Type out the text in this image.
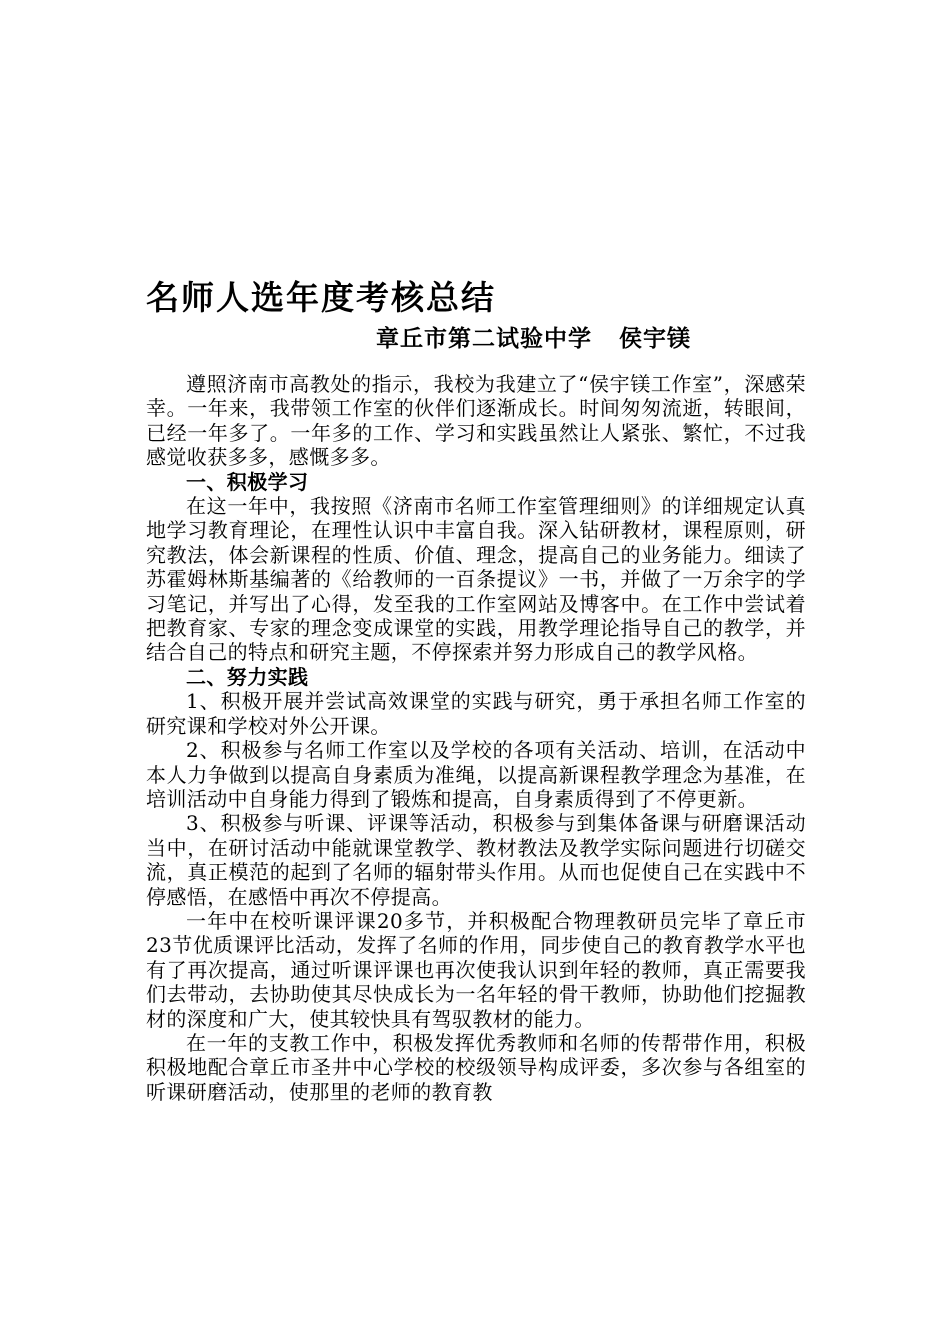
名师人选年度考核总结
章丘市第二试验中学   侯宇镁

遵照济南市高教处的指示，我校为我建立了“侯宇镁工作室”，深感荣幸。一年来，我带领工作室的伙伴们逐渐成长。时间匆匆流逝，转眼间，已经一年多了。一年多的工作、学习和实践虽然让人紧张、繁忙，不过我感觉收获多多，感慨多多。

一、积极学习

在这一年中，我按照《济南市名师工作室管理细则》的详细规定认真地学习教育理论，在理性认识中丰富自我。深入钻研教材，课程原则，研究教法，体会新课程的性质、价值、理念，提高自己的业务能力。细读了苏霍姆林斯基编著的《给教师的一百条提议》一书，并做了一万余字的学习笔记，并写出了心得，发至我的工作室网站及博客中。在工作中尝试着把教育家、专家的理念变成课堂的实践，用教学理论指导自己的教学，并结合自己的特点和研究主题，不停探索并努力形成自己的教学风格。

二、努力实践

1、积极开展并尝试高效课堂的实践与研究，勇于承担名师工作室的研究课和学校对外公开课。

2、积极参与名师工作室以及学校的各项有关活动、培训，在活动中本人力争做到以提高自身素质为准绳，以提高新课程教学理念为基准，在培训活动中自身能力得到了锻炼和提高，自身素质得到了不停更新。

3、积极参与听课、评课等活动，积极参与到集体备课与研磨课活动当中，在研讨活动中能就课堂教学、教材教法及教学实际问题进行切磋交流，真正模范的起到了名师的辐射带头作用。从而也促使自己在实践中不停感悟，在感悟中再次不停提高。

一年中在校听课评课20多节，并积极配合物理教研员完毕了章丘市23节优质课评比活动，发挥了名师的作用，同步使自己的教育教学水平也有了再次提高，通过听课评课也再次使我认识到年轻的教师，真正需要我们去带动，去协助使其尽快成长为一名年轻的骨干教师，协助他们挖掘教材的深度和广大，使其较快具有驾驭教材的能力。

在一年的支教工作中，积极发挥优秀教师和名师的传帮带作用，积极积极地配合章丘市圣井中心学校的校级领导构成评委，多次参与各组室的听课研磨活动，使那里的老师的教育教
